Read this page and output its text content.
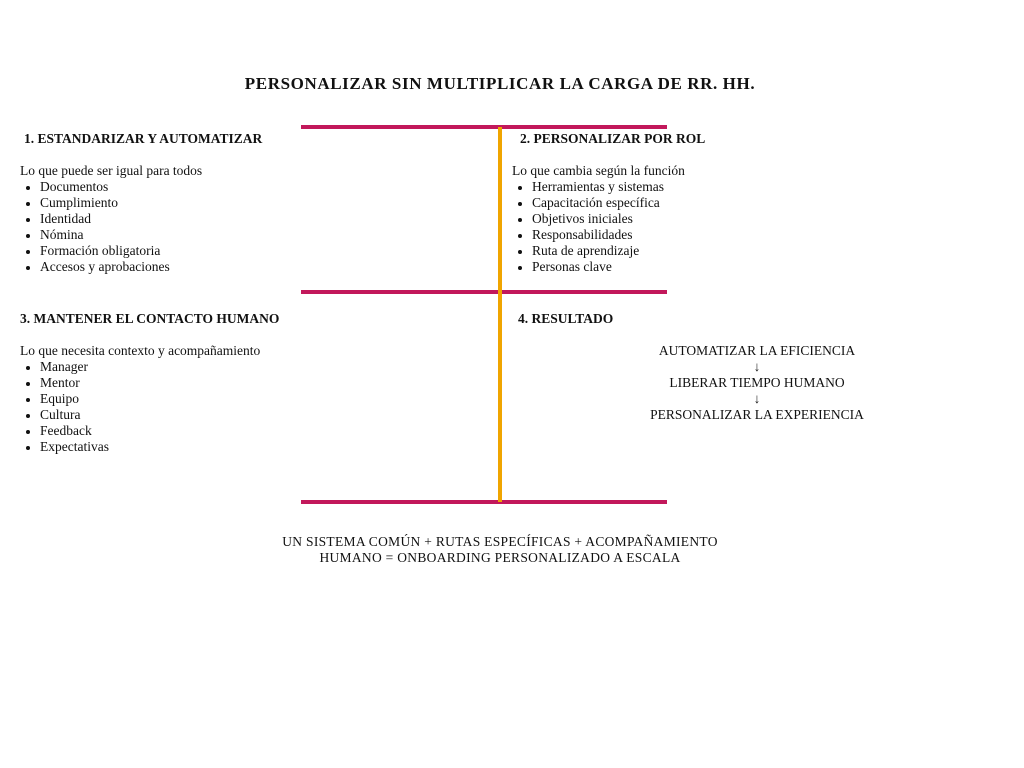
PERSONALIZAR SIN MULTIPLICAR LA CARGA DE RR. HH.
1. ESTANDARIZAR Y AUTOMATIZAR
Lo que puede ser igual para todos
Documentos
Cumplimiento
Identidad
Nómina
Formación obligatoria
Accesos y aprobaciones
2. PERSONALIZAR POR ROL
Lo que cambia según la función
Herramientas y sistemas
Capacitación específica
Objetivos iniciales
Responsabilidades
Ruta de aprendizaje
Personas clave
3. MANTENER EL CONTACTO HUMANO
Lo que necesita contexto y acompañamiento
Manager
Mentor
Equipo
Cultura
Feedback
Expectativas
4. RESULTADO
AUTOMATIZAR LA EFICIENCIA
↓
LIBERAR TIEMPO HUMANO
↓
PERSONALIZAR LA EXPERIENCIA
UN SISTEMA COMÚN + RUTAS ESPECÍFICAS + ACOMPAÑAMIENTO
HUMANO = ONBOARDING PERSONALIZADO A ESCALA
